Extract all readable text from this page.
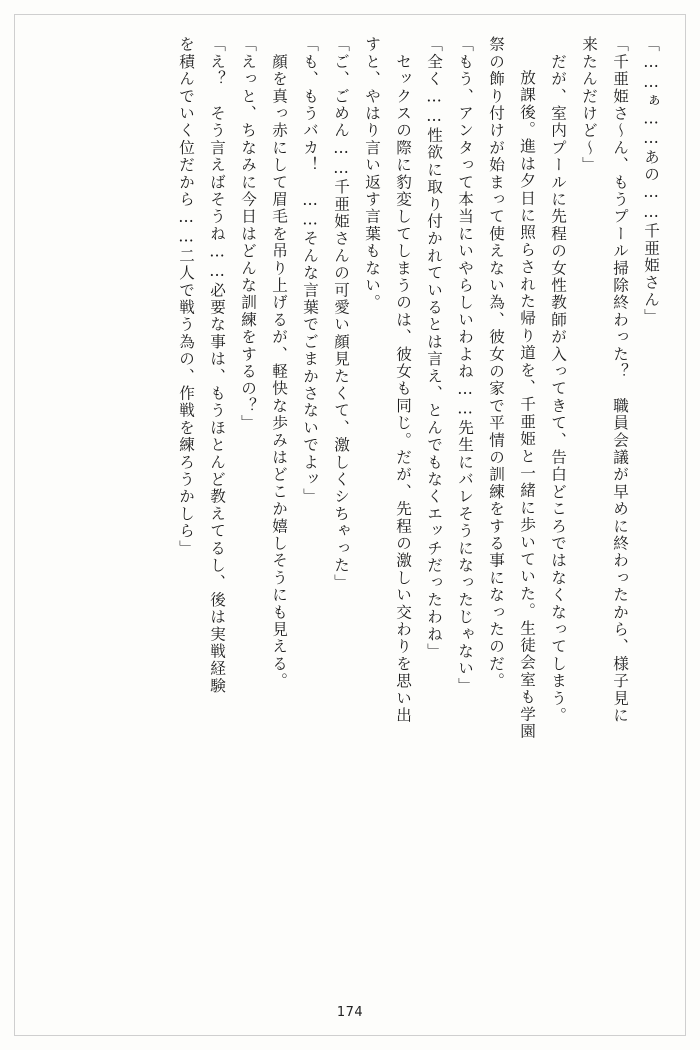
「……ぁ……あの……千亜姫さん」
「千亜姫さ～ん、もうプール掃除終わった？　職員会議が早めに終わったから、様子見に
来たんだけど～」
　だが、室内プールに先程の女性教師が入ってきて、告白どころではなくなってしまう。
　放課後。進は夕日に照らされた帰り道を、千亜姫と一緒に歩いていた。生徒会室も学園
祭の飾り付けが始まって使えない為、彼女の家で平情の訓練をする事になったのだ。
「もう、アンタって本当にいやらしいわよね……先生にバレそうになったじゃない」
「全く……性欲に取り付かれているとは言え、とんでもなくエッチだったわね」
　セックスの際に豹変してしまうのは、彼女も同じ。だが、先程の激しい交わりを思い出
すと、やはり言い返す言葉もない。
「ご、ごめん……千亜姫さんの可愛い顔見たくて、激しくシちゃった」
「も、もうバカ！　……そんな言葉でごまかさないでよッ」
　顔を真っ赤にして眉毛を吊り上げるが、軽快な歩みはどこか嬉しそうにも見える。
「えっと、ちなみに今日はどんな訓練をするの？」
「え？　そう言えばそうね……必要な事は、もうほとんど教えてるし、後は実戦経験
を積んでいく位だから……二人で戦う為の、作戦を練ろうかしら」
174
